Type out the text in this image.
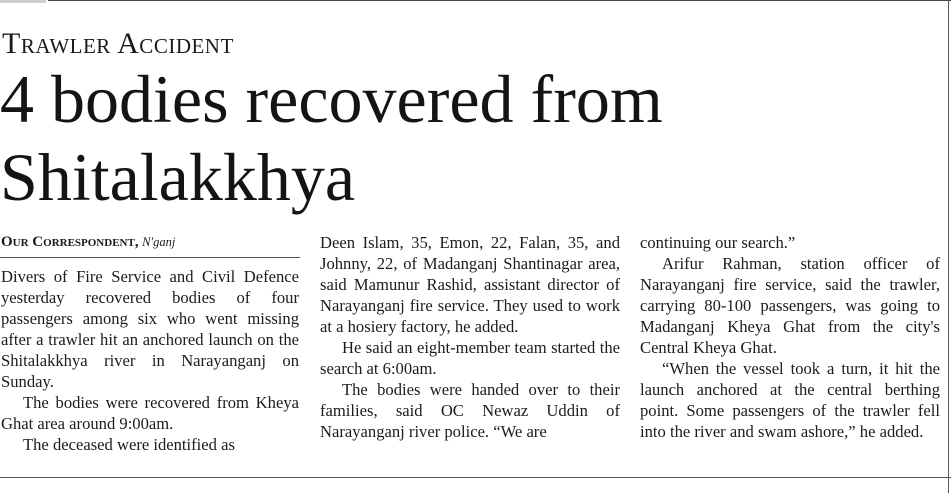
Trawler Accident
4 bodies recovered from Shitalakkhya
Our Correspondent, N'ganj

Divers of Fire Service and Civil Defence yesterday recovered bodies of four passengers among six who went missing after a trawler hit an anchored launch on the Shitalakkhya river in Narayanganj on Sunday.

The bodies were recovered from Kheya Ghat area around 9:00am.

The deceased were identified as

Deen Islam, 35, Emon, 22, Falan, 35, and Johnny, 22, of Madanganj Shantinagar area, said Mamunur Rashid, assistant director of Narayanganj fire service. They used to work at a hosiery factory, he added.

He said an eight-member team started the search at 6:00am.

The bodies were handed over to their families, said OC Newaz Uddin of Narayanganj river police. “We are

continuing our search.”

Arifur Rahman, station officer of Narayanganj fire service, said the trawler, carrying 80-100 passengers, was going to Madanganj Kheya Ghat from the city's Central Kheya Ghat.

“When the vessel took a turn, it hit the launch anchored at the central berthing point. Some passengers of the trawler fell into the river and swam ashore,” he added.
